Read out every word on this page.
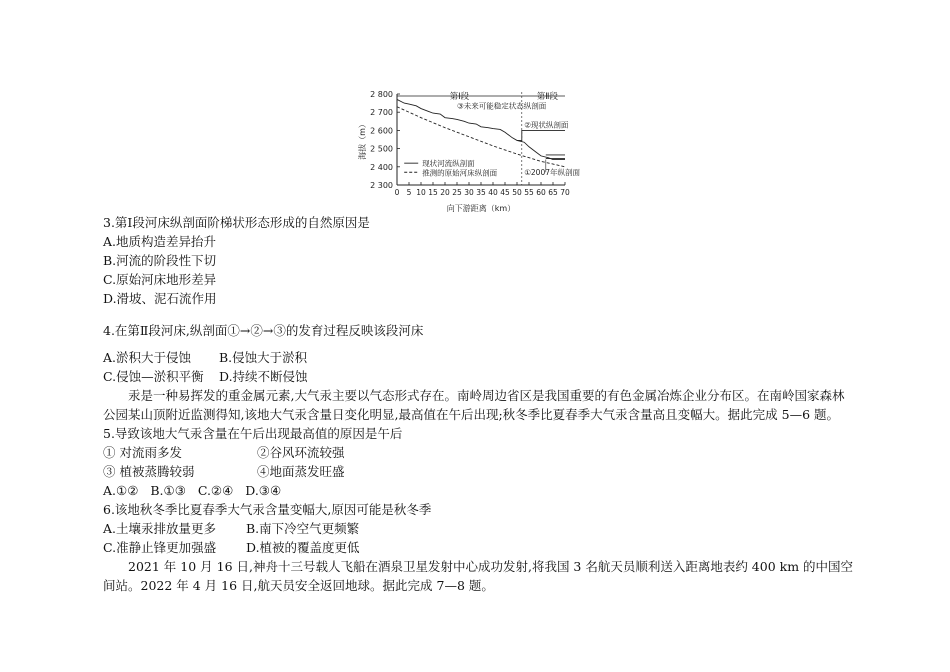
2 800
2 700
2 600
2 500
2 400
2 300
0 5 10 15 20 25 30 35 40 45 50 55 60 65 70
海拔（m）
向下游距离（km）
第Ⅰ段	第Ⅱ段
③未来可能稳定状态纵剖面
②现状纵剖面
①2007年纵剖面
现状河流纵剖面
推测的原始河床纵剖面
3.第Ⅰ段河床纵剖面阶梯状形态形成的自然原因是
A.地质构造差异抬升
B.河流的阶段性下切
C.原始河床地形差异
D.滑坡、泥石流作用
4.在第Ⅱ段河床,纵剖面①→②→③的发育过程反映该段河床
A.淤积大于侵蚀 B.侵蚀大于淤积
C.侵蚀—淤积平衡 D.持续不断侵蚀
汞是一种易挥发的重金属元素,大气汞主要以气态形式存在。南岭周边省区是我国重要的有色金属冶炼企业分布区。在南岭国家森林公园某山顶附近监测得知,该地大气汞含量日变化明显,最高值在午后出现;秋冬季比夏春季大气汞含量高且变幅大。据此完成 5—6 题。
5.导致该地大气汞含量在午后出现最高值的原因是午后
① 对流雨多发	②谷风环流较强
③ 植被蒸腾较弱	④地面蒸发旺盛
A.①②   B.①③   C.②④   D.③④
6.该地秋冬季比夏春季大气汞含量变幅大,原因可能是秋冬季
A.土壤汞排放量更多 B.南下冷空气更频繁
C.准静止锋更加强盛 D.植被的覆盖度更低
2021 年 10 月 16 日,神舟十三号载人飞船在酒泉卫星发射中心成功发射,将我国 3 名航天员顺利送入距离地表约 400 km 的中国空间站。2022 年 4 月 16 日,航天员安全返回地球。据此完成 7—8 题。
